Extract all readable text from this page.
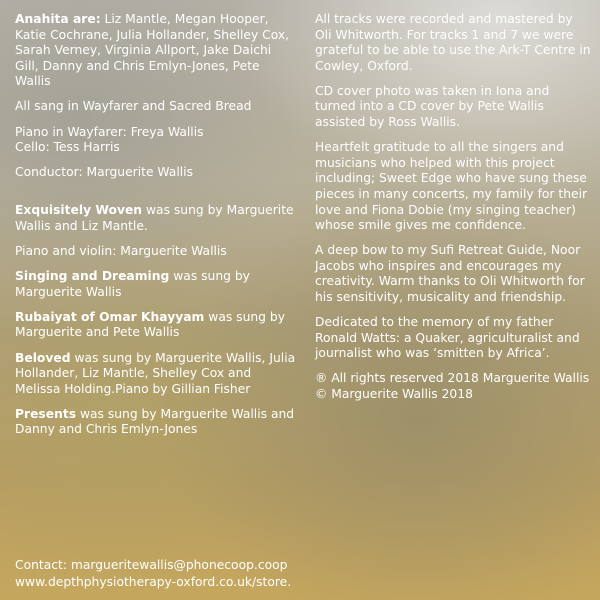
Anahita are: Liz Mantle, Megan Hooper, Katie Cochrane, Julia Hollander, Shelley Cox, Sarah Verney, Virginia Allport, Jake Daichi Gill, Danny and Chris Emlyn-Jones, Pete Wallis

All sang in Wayfarer and Sacred Bread

Piano in Wayfarer: Freya Wallis
Cello: Tess Harris

Conductor: Marguerite Wallis

Exquisitely Woven was sung by Marguerite Wallis and Liz Mantle.

Piano and violin: Marguerite Wallis

Singing and Dreaming was sung by Marguerite Wallis

Rubaiyat of Omar Khayyam was sung by Marguerite and Pete Wallis

Beloved was sung by Marguerite Wallis, Julia Hollander, Liz Mantle, Shelley Cox and Melissa Holding.Piano by Gillian Fisher

Presents was sung by Marguerite Wallis and Danny and Chris Emlyn-Jones

All tracks were recorded and mastered by Oli Whitworth. For tracks 1 and 7 we were grateful to be able to use the Ark-T Centre in Cowley, Oxford.

CD cover photo was taken in Iona and turned into a CD cover by Pete Wallis assisted by Ross Wallis.

Heartfelt gratitude to all the singers and musicians who helped with this project including; Sweet Edge who have sung these pieces in many concerts, my family for their love and Fiona Dobie (my singing teacher) whose smile gives me confidence.

A deep bow to my Sufi Retreat Guide, Noor Jacobs who inspires and encourages my creativity. Warm thanks to Oli Whitworth for his sensitivity, musicality and friendship.

Dedicated to the memory of my father Ronald Watts: a Quaker, agriculturalist and journalist who was ‘smitten by Africa’.

® All rights reserved 2018 Marguerite Wallis
© Marguerite Wallis 2018

Contact: margueritewallis@phonecoop.coop
www.depthphysiotherapy-oxford.co.uk/store.
